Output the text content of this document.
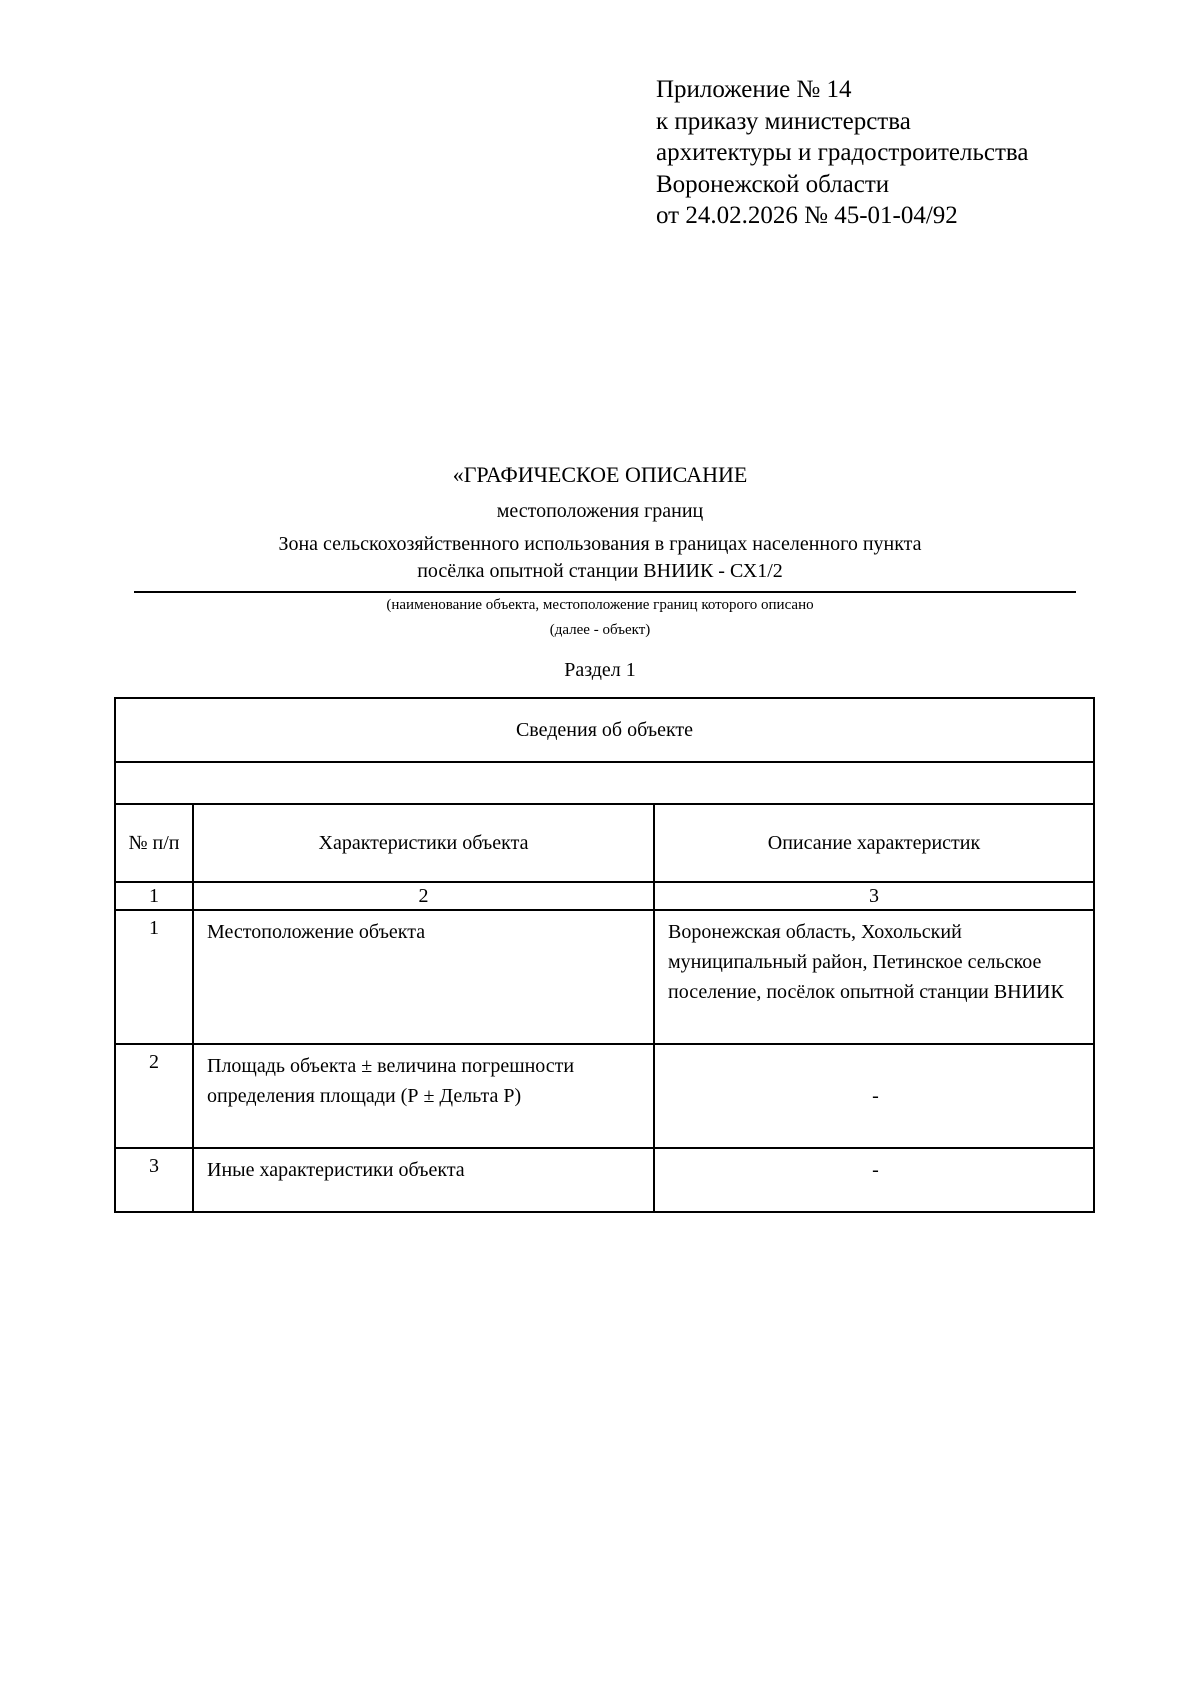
Приложение № 14
к приказу министерства
архитектуры и градостроительства
Воронежской области
от 24.02.2026 № 45-01-04/92
«ГРАФИЧЕСКОЕ ОПИСАНИЕ
местоположения границ
Зона сельскохозяйственного использования в границах населенного пункта
посёлка опытной станции ВНИИК - СХ1/2
(наименование объекта, местоположение границ которого описано
(далее - объект)
Раздел 1
Сведения об объекте		

№ п/п	Характеристики объекта	Описание характеристик
1	2	3
1	Местоположение объекта	Воронежская область, Хохольский муниципальный район, Петинское сельское поселение, посёлок опытной станции ВНИИК
2	Площадь объекта ± величина погрешности определения площади (Р ± Дельта Р)	-
3	Иные характеристики объекта	-
